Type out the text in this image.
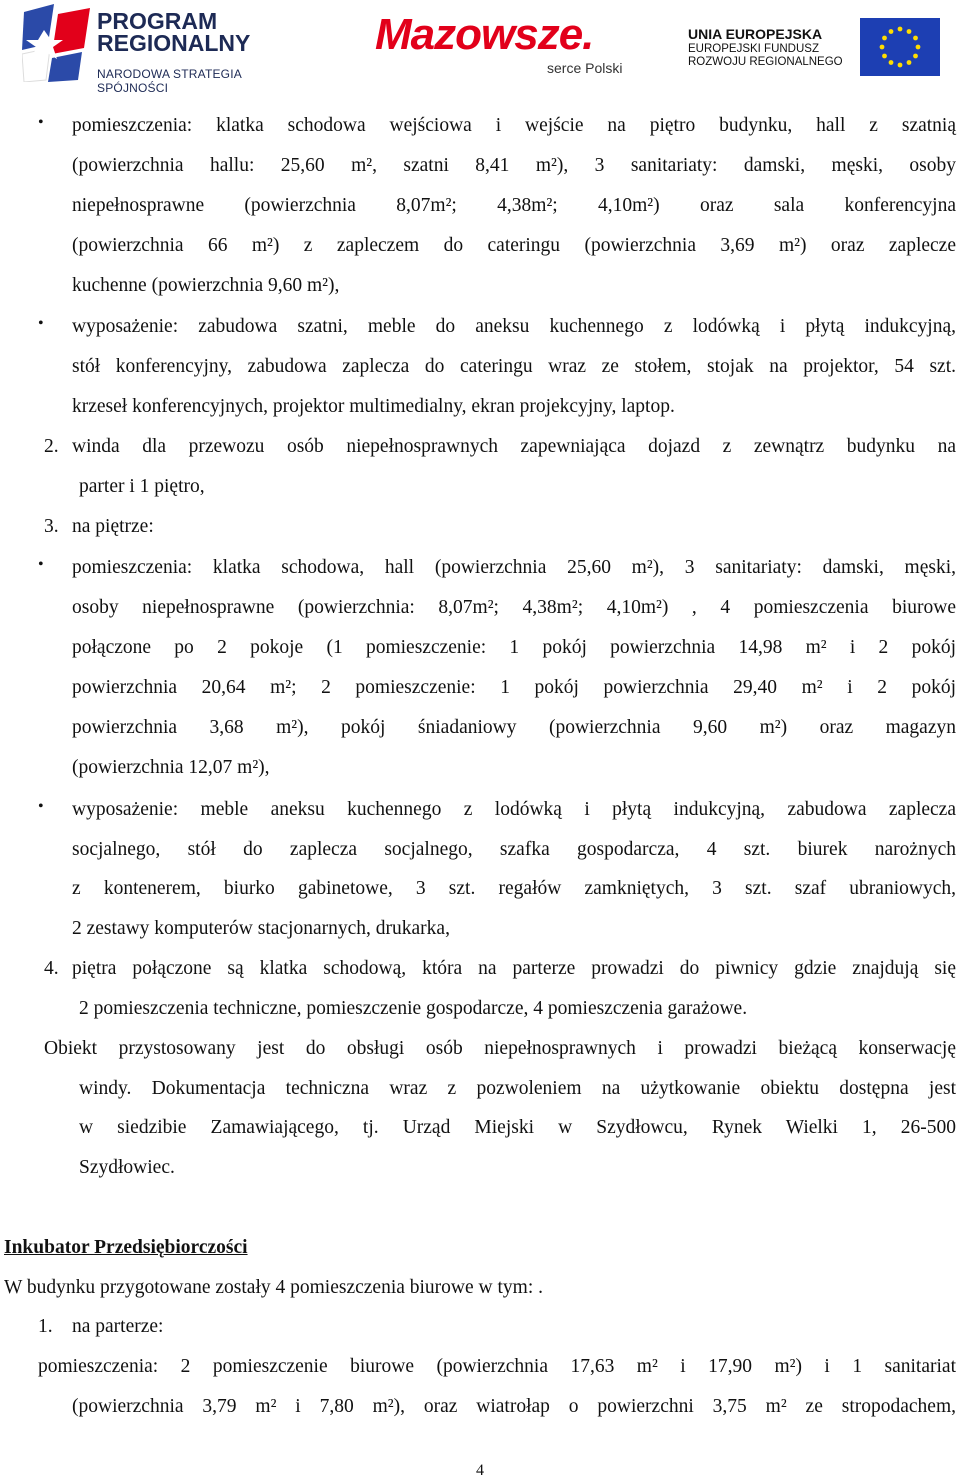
PROGRAM
REGIONALNY
NARODOWA STRATEGIA SPÓJNOŚCI
Mazowsze.
serce Polski
UNIA EUROPEJSKA
EUROPEJSKI FUNDUSZ
ROZWOJU REGIONALNEGO
• pomieszczenia: klatka schodowa wejściowa i wejście na piętro budynku, hall z szatnią
(powierzchnia hallu: 25,60 m², szatni 8,41 m²), 3 sanitariaty: damski, męski, osoby
niepełnosprawne (powierzchnia 8,07m²; 4,38m²; 4,10m²) oraz sala konferencyjna
(powierzchnia 66 m²) z zapleczem do cateringu (powierzchnia 3,69 m²) oraz zaplecze
kuchenne (powierzchnia 9,60 m²),
• wyposażenie: zabudowa szatni, meble do aneksu kuchennego z lodówką i płytą indukcyjną,
stół konferencyjny, zabudowa zaplecza do cateringu wraz ze stołem, stojak na projektor, 54 szt.
krzeseł konferencyjnych, projektor multimedialny, ekran projekcyjny, laptop.
2. winda dla przewozu osób niepełnosprawnych zapewniająca dojazd z zewnątrz budynku na
parter i 1 piętro,
3. na piętrze:
• pomieszczenia: klatka schodowa, hall (powierzchnia 25,60 m²), 3 sanitariaty: damski, męski,
osoby niepełnosprawne (powierzchnia: 8,07m²; 4,38m²; 4,10m²) , 4 pomieszczenia biurowe
połączone po 2 pokoje (1 pomieszczenie: 1 pokój powierzchnia 14,98 m² i 2 pokój
powierzchnia 20,64 m²; 2 pomieszczenie: 1 pokój powierzchnia 29,40 m² i 2 pokój
powierzchnia 3,68 m²), pokój śniadaniowy (powierzchnia 9,60 m²) oraz magazyn
(powierzchnia 12,07 m²),
• wyposażenie: meble aneksu kuchennego z lodówką i płytą indukcyjną, zabudowa zaplecza
socjalnego, stół do zaplecza socjalnego, szafka gospodarcza, 4 szt. biurek narożnych
z kontenerem, biurko gabinetowe, 3 szt. regałów zamkniętych, 3 szt. szaf ubraniowych,
2 zestawy komputerów stacjonarnych, drukarka,
4. piętra połączone są klatka schodową, która na parterze prowadzi do piwnicy gdzie znajdują się
2 pomieszczenia techniczne, pomieszczenie gospodarcze, 4 pomieszczenia garażowe.
Obiekt przystosowany jest do obsługi osób niepełnosprawnych i prowadzi bieżącą konserwację
windy. Dokumentacja techniczna wraz z pozwoleniem na użytkowanie obiektu dostępna jest
w siedzibie Zamawiającego, tj. Urząd Miejski w Szydłowcu, Rynek Wielki 1, 26-500
Szydłowiec.
Inkubator Przedsiębiorczości
W budynku przygotowane zostały 4 pomieszczenia biurowe w tym: .
1. na parterze:
pomieszczenia: 2 pomieszczenie biurowe (powierzchnia 17,63 m² i 17,90 m²) i 1 sanitariat
(powierzchnia 3,79 m² i 7,80 m²), oraz wiatrołap o powierzchni 3,75 m² ze stropodachem,
4
